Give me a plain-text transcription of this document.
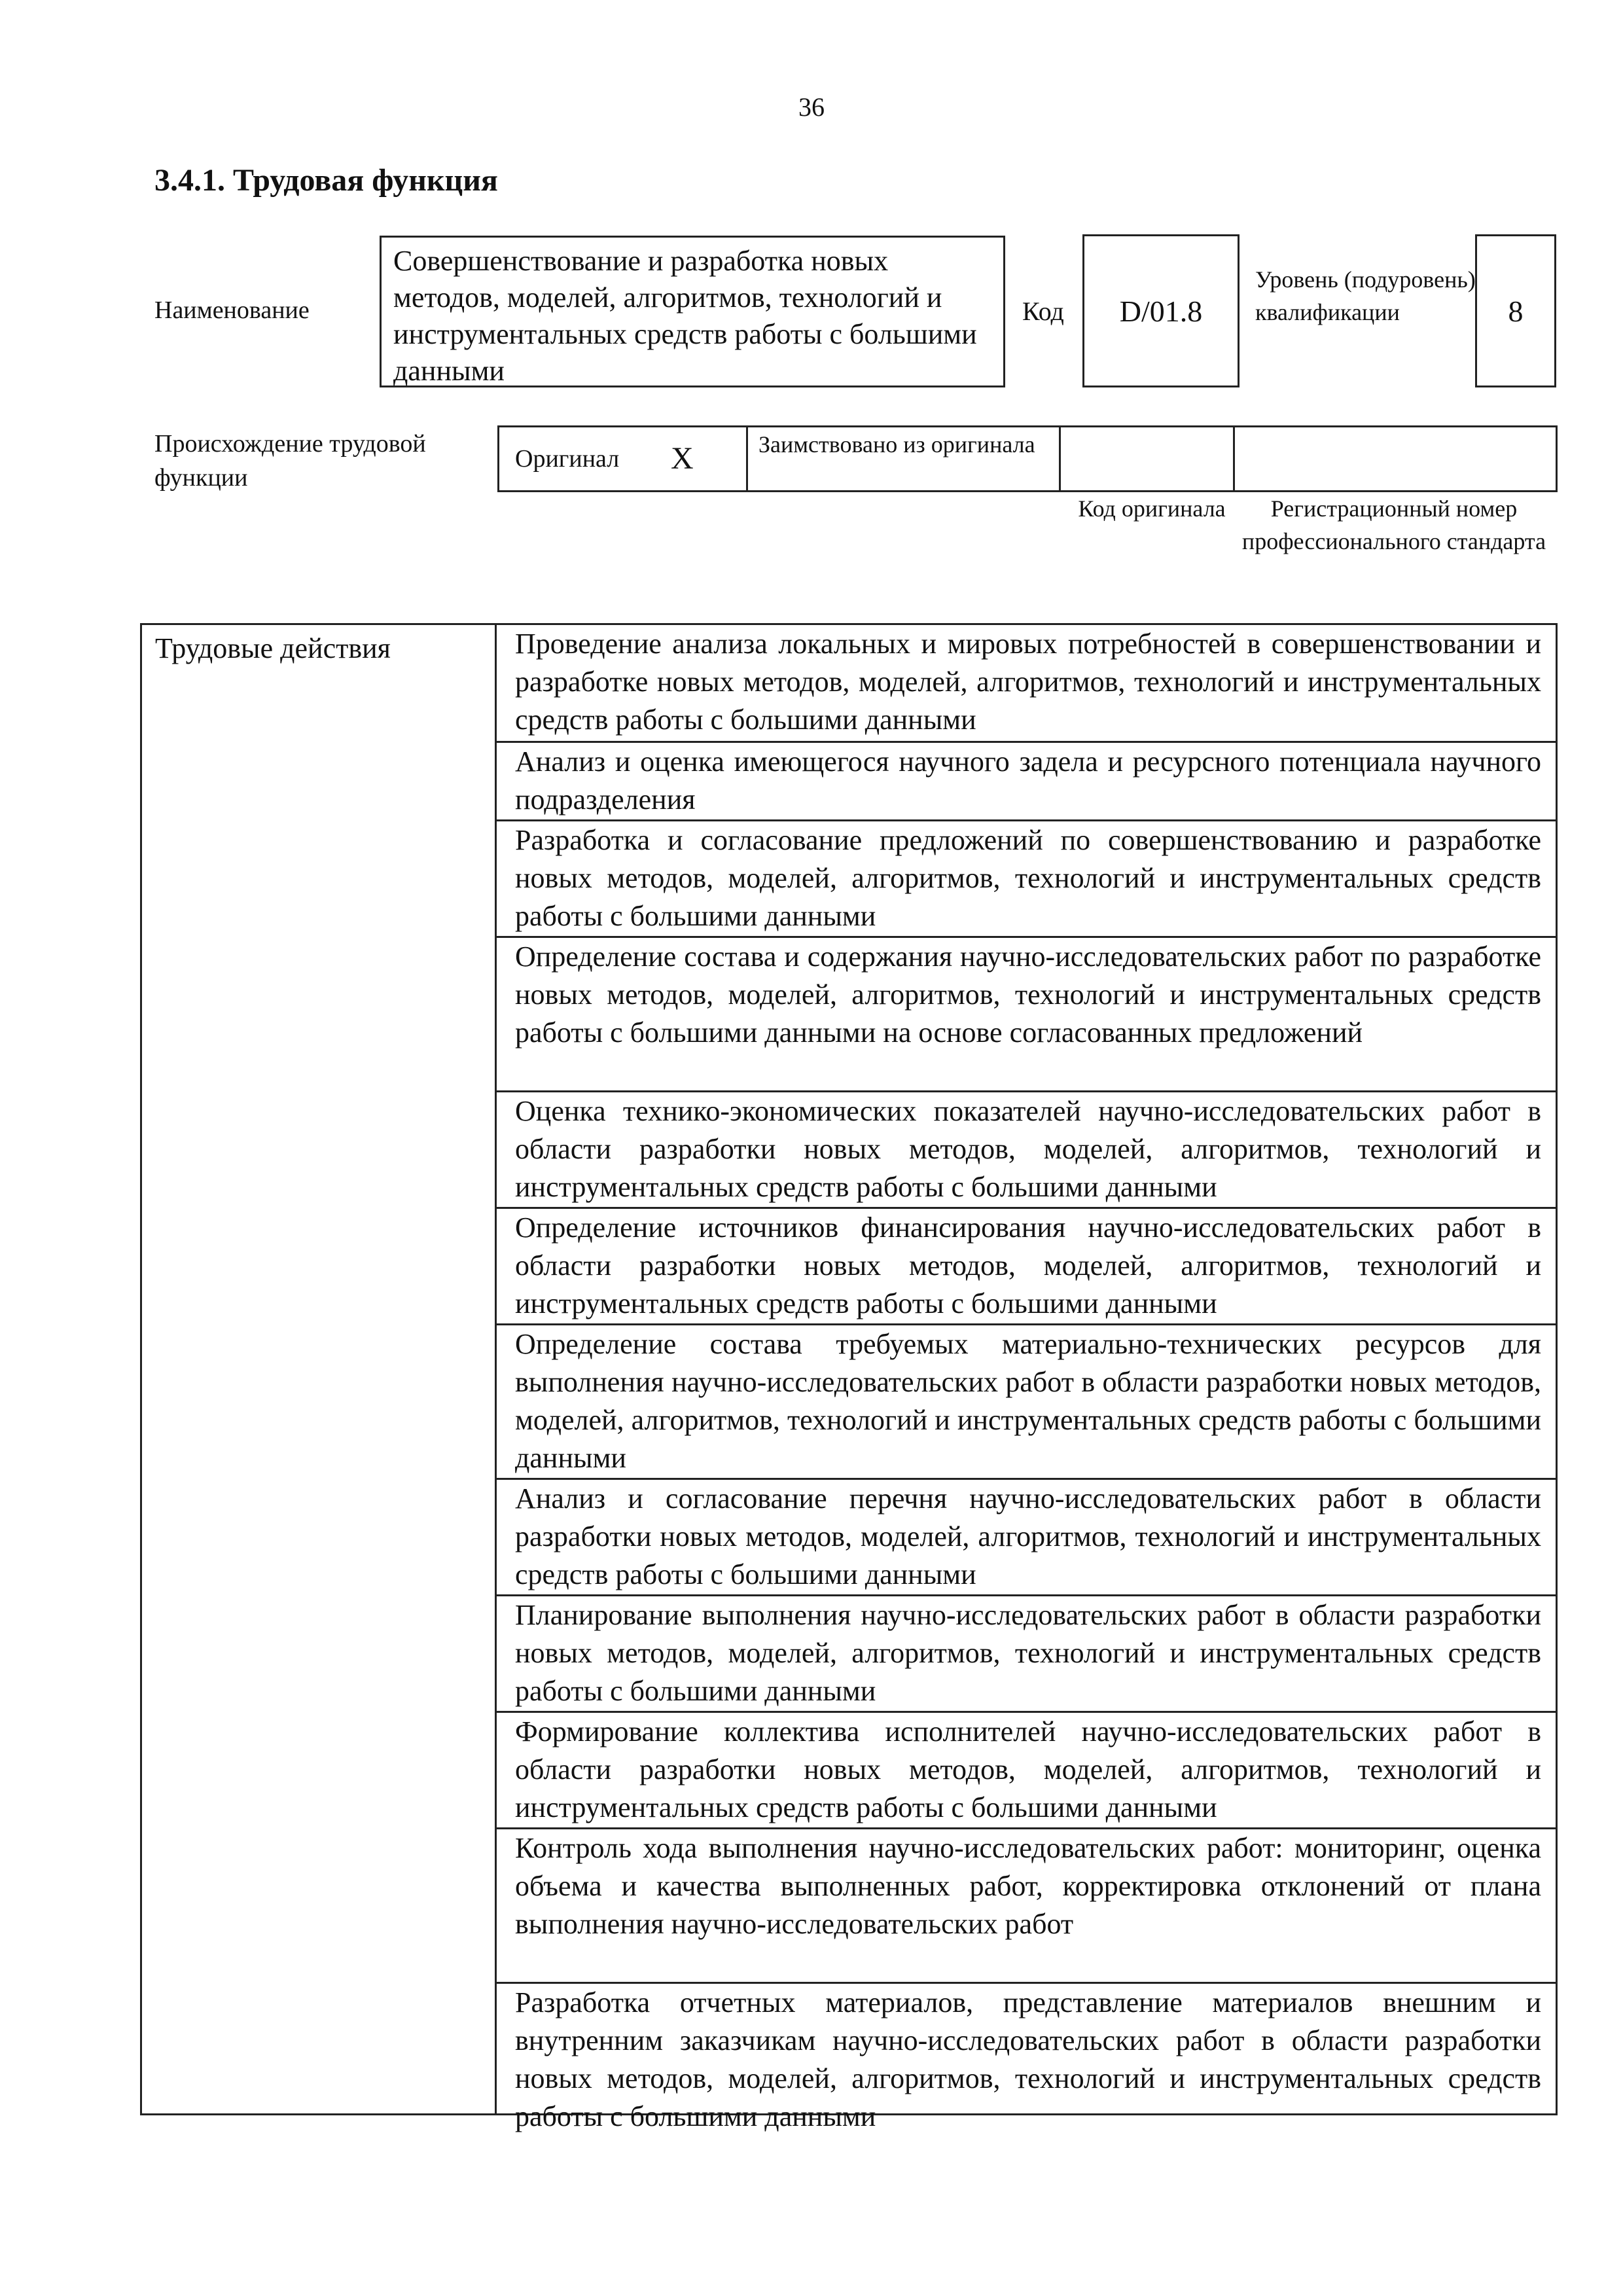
36
3.4.1. Трудовая функция
Наименование
Совершенствование и разработка новых методов, моделей, алгоритмов, технологий и инструментальных средств работы с большими данными
Код	D/01.8
Уровень (подуровень) квалификации	8
Происхождение трудовой функции
Оригинал X	Заимствовано из оригинала
Код оригинала	Регистрационный номер профессионального стандарта
Трудовые действия	Проведение анализа локальных и мировых потребностей в совершенствовании и разработке новых методов, моделей, алгоритмов, технологий и инструментальных средств работы с большими данными
Анализ и оценка имеющегося научного задела и ресурсного потенциала научного подразделения
Разработка и согласование предложений по совершенствованию и разработке новых методов, моделей, алгоритмов, технологий и инструментальных средств работы с большими данными
Определение состава и содержания научно-исследовательских работ по разработке новых методов, моделей, алгоритмов, технологий и инструментальных средств работы с большими данными на основе согласованных предложений
Оценка технико-экономических показателей научно-исследовательских работ в области разработки новых методов, моделей, алгоритмов, технологий и инструментальных средств работы с большими данными
Определение источников финансирования научно-исследовательских работ в области разработки новых методов, моделей, алгоритмов, технологий и инструментальных средств работы с большими данными
Определение состава требуемых материально-технических ресурсов для выполнения научно-исследовательских работ в области разработки новых методов, моделей, алгоритмов, технологий и инструментальных средств работы с большими данными
Анализ и согласование перечня научно-исследовательских работ в области разработки новых методов, моделей, алгоритмов, технологий и инструментальных средств работы с большими данными
Планирование выполнения научно-исследовательских работ в области разработки новых методов, моделей, алгоритмов, технологий и инструментальных средств работы с большими данными
Формирование коллектива исполнителей научно-исследовательских работ в области разработки новых методов, моделей, алгоритмов, технологий и инструментальных средств работы с большими данными
Контроль хода выполнения научно-исследовательских работ: мониторинг, оценка объема и качества выполненных работ, корректировка отклонений от плана выполнения научно-исследовательских работ
Разработка отчетных материалов, представление материалов внешним и внутренним заказчикам научно-исследовательских работ в области разработки новых методов, моделей, алгоритмов, технологий и инструментальных средств работы с большими данными
